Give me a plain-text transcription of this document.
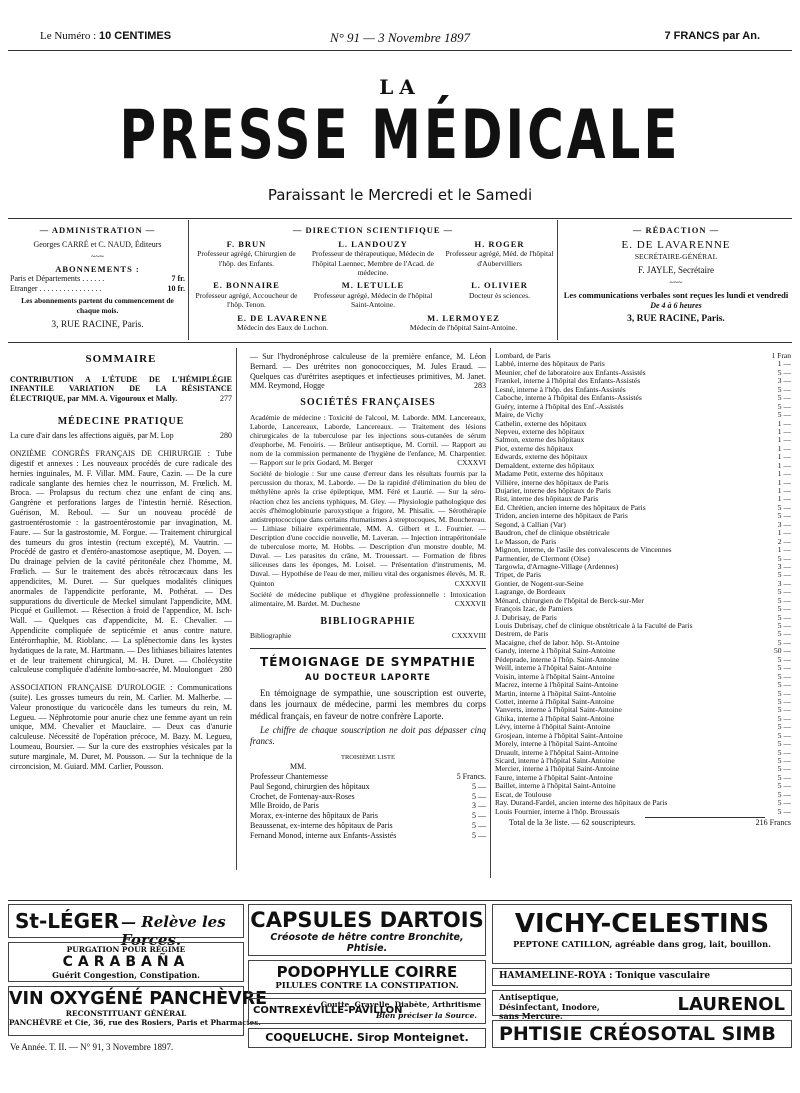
Le Numéro : 10 CENTIMES	N° 91 — 3 Novembre 1897	7 FRANCS par An.
LA
PRESSE MÉDICALE
Paraissant le Mercredi et le Samedi
— ADMINISTRATION —
Georges CARRÉ et C. NAUD, Éditeurs
~~~
ABONNEMENTS :
Paris et Départements . . . . . .	7 fr.
Etranger . . . . . . . . . . . . . . . .	10 fr.
Les abonnements partent du commencement de chaque mois.
3, RUE RACINE, Paris.
— DIRECTION SCIENTIFIQUE —
F. BRUN
Professeur agrégé, Chirurgien de l'hôp. des Enfants.
L. LANDOUZY
Professeur de thérapeutique, Médecin de l'hôpital Laennec, Membre de l'Acad. de médecine.
H. ROGER
Professeur agrégé, Méd. de l'hôpital d'Aubervilliers
E. BONNAIRE
Professeur agrégé, Accoucheur de l'hôp. Tenon.
M. LETULLE
Professeur agrégé, Médecin de l'hôpital Saint-Antoine.
L. OLIVIER
Docteur ès sciences.
E. DE LAVARENNE
Médecin des Eaux de Luchon.
M. LERMOYEZ
Médecin de l'hôpital Saint-Antoine.
— RÉDACTION —
E. DE LAVARENNE
SECRÉTAIRE-GÉNÉRAL
F. JAYLE, Secrétaire
~~~
Les communications verbales sont reçues les lundi et vendredi
De 4 à 6 heures
3, RUE RACINE, Paris.
SOMMAIRE

CONTRIBUTION A L'ÉTUDE DE L'HÉMIPLÉGIE INFANTILE VARIATION DE LA RÉSISTANCE ÉLECTRIQUE, par MM. A. Vigouroux et Mally.	277

MÉDECINE PRATIQUE

La cure d'air dans les affections aiguës, par M. Lop	280

ONZIÈME CONGRÈS FRANÇAIS DE CHIRURGIE : Tube digestif et annexes : Les nouveaux procédés de cure radicale des hernies inguinales, M. F. Villar. MM. Faure, Cazin. — De la cure radicale sanglante des hernies chez le nourrisson, M. Frœlich. M. Broca. — Prolapsus du rectum chez une enfant de cinq ans. Gangrène et perforations larges de l'intestin hernié. Résection. Guérison, M. Reboul. — Sur un nouveau procédé de gastroentérostomie : la gastroentérostomie par invagination, M. Faure. — Sur la gastrostomie, M. Forgue. — Traitement chirurgical des tumeurs du gros intestin (rectum excepté), M. Vautrin. — Procédé de gastro et d'entéro-anastomose aseptique, M. Doyen. — Du drainage pelvien de la cavité péritonéale chez l'homme, M. Frœlich. — Sur le traitement des abcès rétrocæcaux dans les appendicites, M. Duret. — Sur quelques modalités cliniques anormales de l'appendicite perforante, M. Pothérat. — Des suppurations du diverticule de Meckel simulant l'appendicite, MM. Picqué et Guillemot. — Résection à froid de l'appendice, M. Isch-Wall. — Quelques cas d'appendicite, M. E. Chevalier. — Appendicite compliquée de septicémie et anus contre nature. Entérorrhaphie, M. Rioblanc. — La splénectomie dans les kystes hydatiques de la rate, M. Hartmann. — Des lithiases biliaires latentes et de leur traitement chirurgical, M. H. Duret. — Cholécystite calculeuse compliquée d'adénite lombo-sacrée, M. Moulonguet 280

ASSOCIATION FRANÇAISE D'UROLOGIE : Communications (suite). Les grosses tumeurs du rein, M. Carlier. M. Malherbe. — Valeur pronostique du varicocèle dans les tumeurs du rein, M. Legueu. — Néphrotomie pour anurie chez une femme ayant un rein unique, MM. Chevalier et Mauclaire. — Deux cas d'anurie calculeuse. Nécessité de l'opération précoce, M. Bazy. M. Legueu, Loumeau, Boursier. — Sur la cure des exstrophies vésicales par la suture marginale, M. Duret, M. Pousson. — Sur la technique de la circoncision, M. Guiard. MM. Carlier, Pousson.

— Sur l'hydronéphrose calculeuse de la première enfance, M. Léon Bernard. — Des urétrites non gonococciques, M. Jules Eraud. — Quelques cas d'urétrites aseptiques et infectieuses primitives, M. Janet. MM. Reymond, Hogge	283

SOCIÉTÉS FRANÇAISES

Académie de médecine : Toxicité de l'alcool, M. Laborde. MM. Lancereaux, Laborde, Lancereaux, Laborde, Lancereaux. — Traitement des lésions chirurgicales de la tuberculose par les injections sous-cutanées de sérum d'euphorbe, M. Fenoiris. — Brûleur antiseptique, M. Cornil. — Rapport au nom de la commission permanente de l'hygiène de l'enfance, M. Charpentier. — Rapport sur le prix Godard, M. Berger	CXXXVI

Société de biologie : Sur une cause d'erreur dans les résultats fournis par la percussion du thorax, M. Laborde. — De la rapidité d'élimination du bleu de méthylène après la crise épileptique, MM. Féré et Laurié. — Sur la séro-réaction chez les anciens typhiques, M. Gley. — Physiologie pathologique des accès d'hémoglobinurie paroxystique a frigore, M. Phisalix. — Sérothérapie antistreptococcique dans certains rhumatismes à streptocoques, M. Bouchereau. — Lithiase biliaire expérimentale, MM. A. Gilbert et L. Fournier. — Description d'une coccidie nouvelle, M. Laveran. — Injection intrapéritonéale de tuberculose morte, M. Hobbs. — Description d'un monstre double, M. Duval. — Les parasites du crâne, M. Trouessart. — Formation de fibres siliceuses dans les éponges, M. Loisel. — Présentation d'instruments, M. Duval. — Hypothèse de l'eau de mer, milieu vital des organismes élevés, M. R. Quinton	CXXXVII

Société de médecine publique et d'hygiène professionnelle : Intoxication alimentaire, M. Bardet. M. Duchesne	CXXXVII

BIBLIOGRAPHIE
Bibliographie	CXXXVIII
TÉMOIGNAGE DE SYMPATHIE
AU DOCTEUR LAPORTE

En témoignage de sympathie, une souscription est ouverte, dans les journaux de médecine, parmi les membres du corps médical français, en faveur de notre confrère Laporte.

Le chiffre de chaque souscription ne doit pas dépasser cinq francs.

TROISIÈME LISTE
MM.
Professeur Chantemesse	5 Francs.
Paul Segond, chirurgien des hôpitaux	5 —
Crochet, de Fontenay-aux-Roses	5 —
Mlle Broido, de Paris	3 —
Morax, ex-interne des hôpitaux de Paris	5 —
Beaussenat, ex-interne des hôpitaux de Paris	5 —
Fernand Monod, interne aux Enfants-Assistés	5 —
Lombard, de Paris	1 Fran
Labbé, interne des hôpitaux de Paris	1 —
Meunier, chef de laboratoire aux Enfants-Assistés	5 —
Frænkel, interne à l'hôpital des Enfants-Assistés	3 —
Lesné, interne à l'hôp. des Enfants-Assistés	5 —
Caboche, interne à l'hôpital des Enfants-Assistés	5 —
Guéry, interne à l'hôpital des Enf.-Assistés	5 —
Maire, de Vichy	5 —
Cathelin, externe des hôpitaux	1 —
Nepveu, externe des hôpitaux	1 —
Salmon, externe des hôpitaux	1 —
Piot, externe des hôpitaux	1 —
Edwards, externe des hôpitaux	1 —
Demaldent, externe des hôpitaux	1 —
Madame Petit, externe des hôpitaux	1 —
Villière, interne des hôpitaux de Paris	1 —
Dujarier, interne des hôpitaux de Paris	1 —
Rist, interne des hôpitaux de Paris	1 —
Ed. Chrétien, ancien interne des hôpitaux de Paris	5 —
Tridon, ancien interne des hôpitaux de Paris	5 —
Segond, à Callian (Var)	3 —
Baudron, chef de clinique obstétricale	1 —
Le Masson, de Paris	2 —
Mignon, interne, de l'asile des convalescents de Vincennes	1 —
Parmentier, de Clermont (Oise)	5 —
Targowla, d'Arnagne-Village (Ardennes)	3 —
Tripet, de Paris	5 —
Gontier, de Nogent-sur-Seine	3 —
Lagrange, de Bordeaux	5 —
Ménard, chirurgien de l'hôpital de Berck-sur-Mer	5 —
François Izac, de Pamiers	5 —
J. Dubrisay, de Paris	5 —
Louis Dubrisay, chef de clinique obstétricale à la Faculté de Paris	5 —
Destrem, de Paris	5 —
Macaigne, chef de labor. hôp. St-Antoine	5 —
Gandy, interne à l'hôpital Saint-Antoine	50 —
Pédeprade, interne à l'hôp. Saint-Antoine	5 —
Weill, interne à l'hôpital Saint-Antoine	5 —
Voisin, interne à l'hôpital Saint-Antoine	5 —
Macrez, interne à l'hôpital Saint-Antoine	5 —
Martin, interne à l'hôpital Saint-Antoine	5 —
Cottet, interne à l'hôpital Saint-Antoine	5 —
Vanverts, interne à l'hôpital Saint-Antoine	5 —
Ghika, interne à l'hôpital Saint-Antoine	5 —
Lévy, interne à l'hôpital Saint-Antoine	5 —
Grosjean, interne à l'hôpital Saint-Antoine	5 —
Morely, interne à l'hôpital Saint-Antoine	5 —
Druault, interne à l'hôpital Saint-Antoine	5 —
Sicard, interne à l'hôpital Saint-Antoine	5 —
Mercier, interne à l'hôpital Saint-Antoine	5 —
Faure, interne à l'hôpital Saint-Antoine	5 —
Baillet, interne à l'hôpital Saint-Antoine	5 —
Escat, de Toulouse	5 —
Ray. Durand-Fardel, ancien interne des hôpitaux de Paris	5 —
Louis Fournier, interne à l'hôp. Broussais	5 —
Total de la 3e liste. — 62 souscripteurs.	216 Francs
St-LÉGER — Relève les Forces.
PURGATION POUR RÉGIME
CARABAÑA
Guérit Congestion, Constipation.
VIN OXYGÉNÉ PANCHÈVRE
RECONSTITUANT GÉNÉRAL
PANCHÈVRE et Cie, 36, rue des Rosiers, Paris et Pharmacies.
CAPSULES DARTOIS
Créosote de hêtre contre Bronchite, Phtisie.
PODOPHYLLE COIRRE
PILULES CONTRE LA CONSTIPATION.
CONTREXÉVILLE-PAVILLON
Goutte, Gravelle, Diabète, Arthritisme
Bien préciser la Source.
COQUELUCHE. Sirop Monteignet.
VICHY-CELESTINS
PEPTONE CATILLON, agréable dans grog, lait, bouillon.
HAMAMELINE-ROYA : Tonique vasculaire
Antiseptique, Désinfectant, Inodore, sans Mercure.
LAURENOL
PHTISIE CRÉOSOTAL SIMB
Ve Année. T. II. — N° 91, 3 Novembre 1897.
